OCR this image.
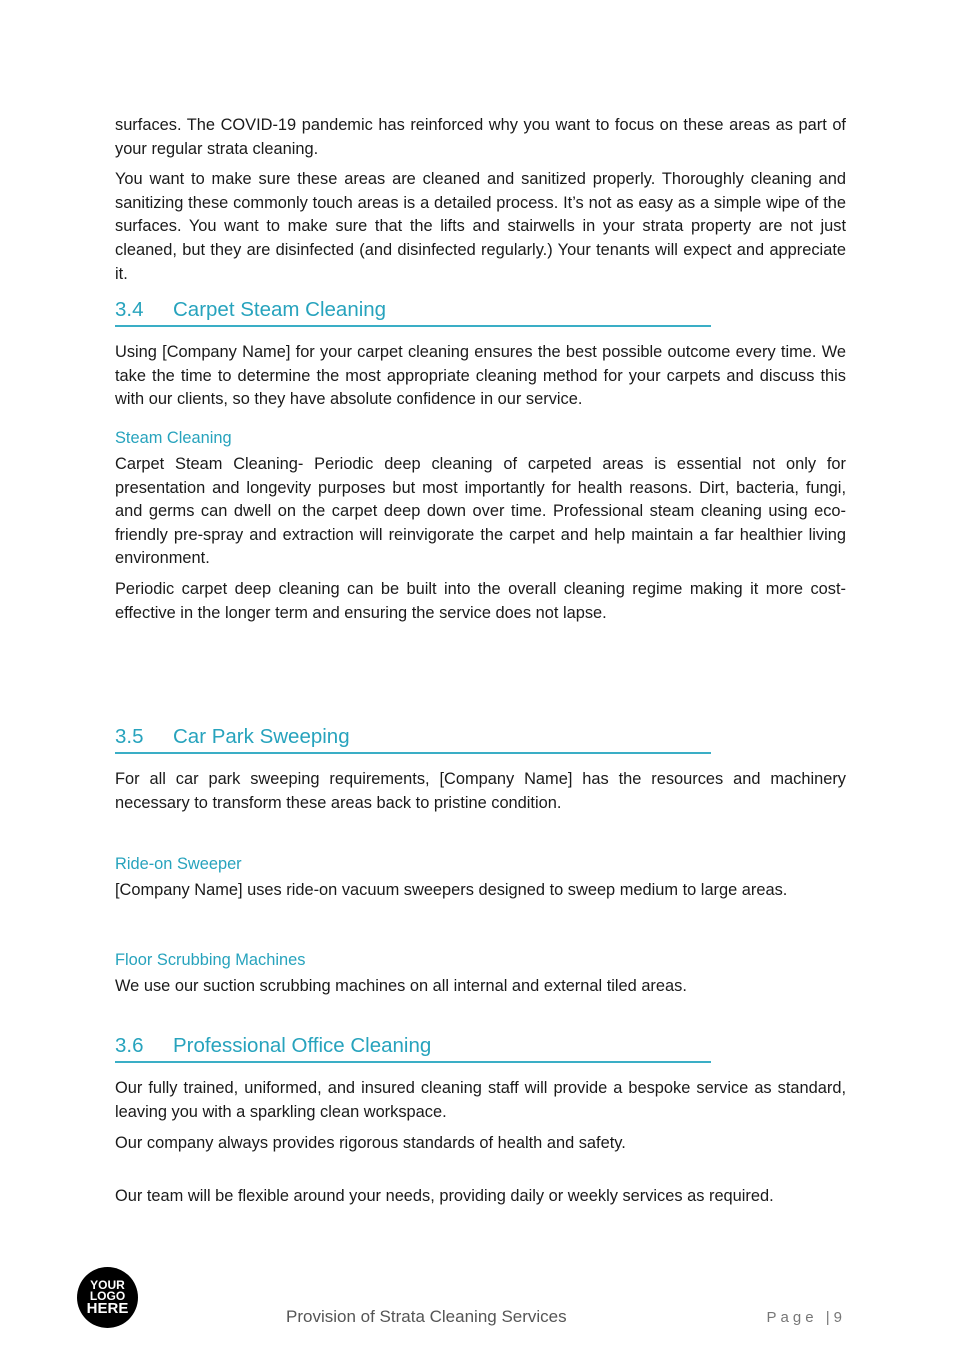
surfaces. The COVID-19 pandemic has reinforced why you want to focus on these areas as part of your regular strata cleaning.

You want to make sure these areas are cleaned and sanitized properly. Thoroughly cleaning and sanitizing these commonly touch areas is a detailed process. It’s not as easy as a simple wipe of the surfaces. You want to make sure that the lifts and stairwells in your strata property are not just cleaned, but they are disinfected (and disinfected regularly.) Your tenants will expect and appreciate it.

3.4 Carpet Steam Cleaning

Using [Company Name] for your carpet cleaning ensures the best possible outcome every time. We take the time to determine the most appropriate cleaning method for your carpets and discuss this with our clients, so they have absolute confidence in our service.

Steam Cleaning

Carpet Steam Cleaning- Periodic deep cleaning of carpeted areas is essential not only for presentation and longevity purposes but most importantly for health reasons. Dirt, bacteria, fungi, and germs can dwell on the carpet deep down over time. Professional steam cleaning using eco-friendly pre-spray and extraction will reinvigorate the carpet and help maintain a far healthier living environment.

Periodic carpet deep cleaning can be built into the overall cleaning regime making it more cost-effective in the longer term and ensuring the service does not lapse.

3.5 Car Park Sweeping

For all car park sweeping requirements, [Company Name] has the resources and machinery necessary to transform these areas back to pristine condition.

Ride-on Sweeper

[Company Name] uses ride-on vacuum sweepers designed to sweep medium to large areas.

Floor Scrubbing Machines

We use our suction scrubbing machines on all internal and external tiled areas.

3.6 Professional Office Cleaning

Our fully trained, uniformed, and insured cleaning staff will provide a bespoke service as standard, leaving you with a sparkling clean workspace.

Our company always provides rigorous standards of health and safety.

Our team will be flexible around your needs, providing daily or weekly services as required.

YOUR
LOGO
HERE	Provision of Strata Cleaning Services	Page |9
